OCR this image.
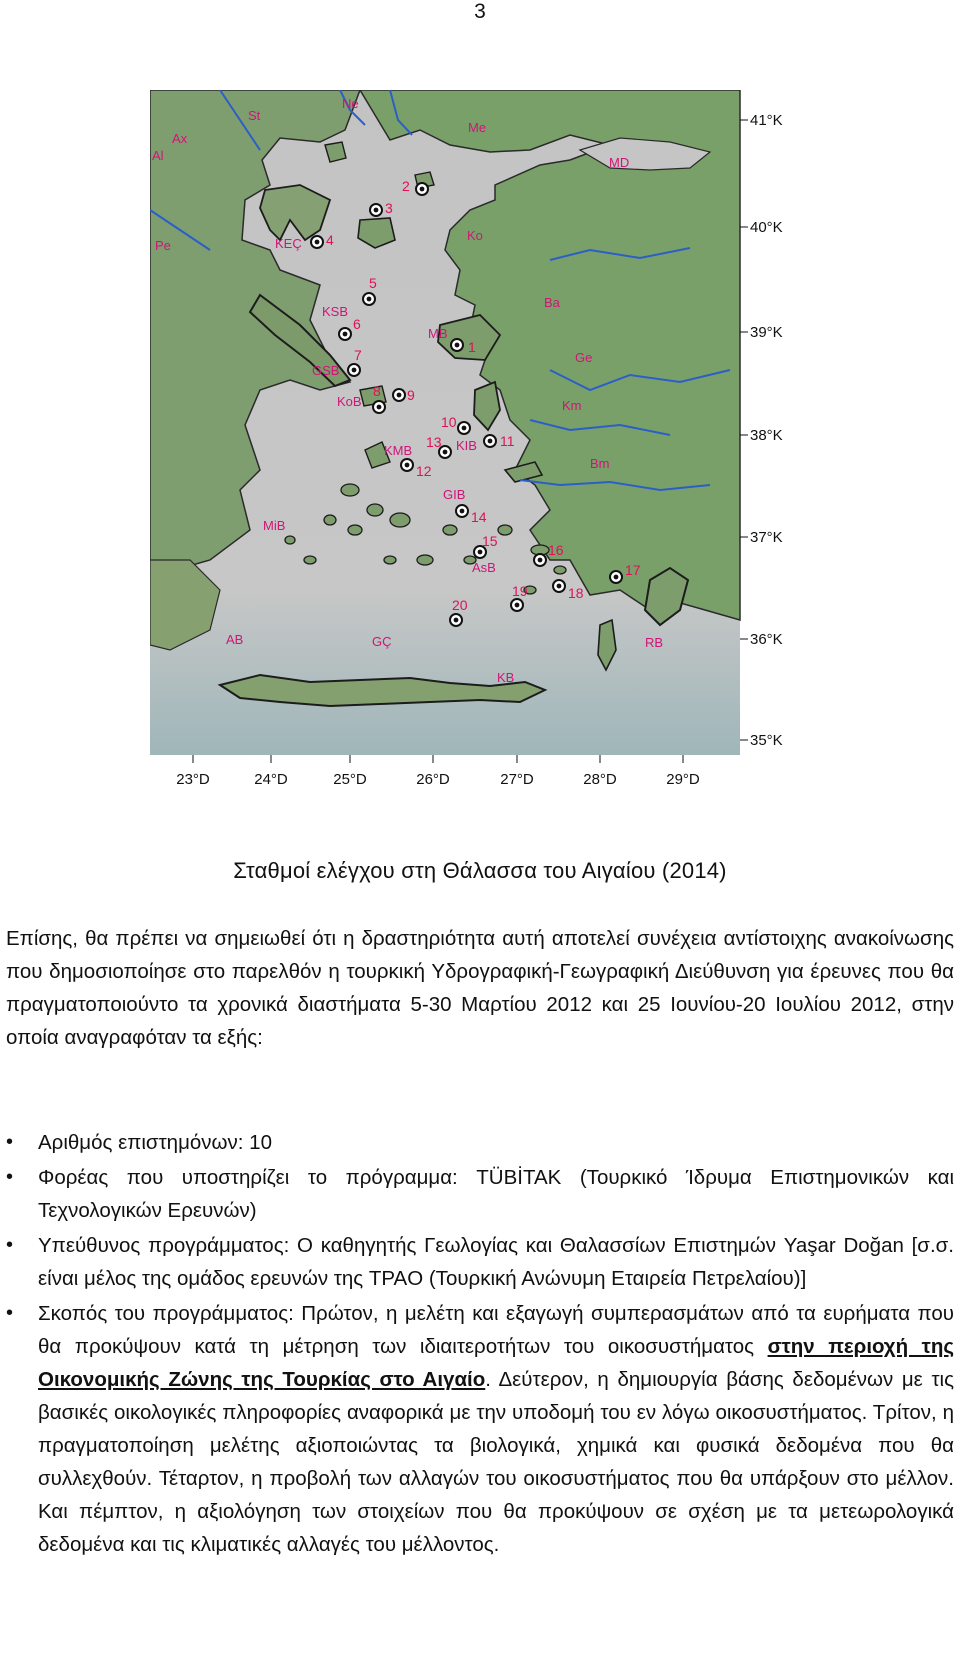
3
41°K
40°K
39°K
38°K
37°K
36°K
35°K
23°D	24°D	25°D	26°D	27°D	28°D	29°D
St
Ne
Me
Ax
Al	MD
Pe	KEÇ
Ko
KSB
Ba
MB
GSB
Ge
KoB	Km
KMB	KIB
Bm
GIB
MiB
AsB
AB	GÇ	RB
KB
1
2
3
4
5
6
7
8 9
10
11
12
13
14
15
16
17
18
19
20
Σταθμοί ελέγχου στη Θάλασσα του Αιγαίου (2014)

Επίσης, θα πρέπει να σημειωθεί ότι η δραστηριότητα αυτή αποτελεί συνέχεια αντίστοιχης ανακοίνωσης που δημοσιοποίησε στο παρελθόν η τουρκική Υδρογραφική-Γεωγραφική Διεύθυνση για έρευνες που θα πραγματοποιούντο τα χρονικά διαστήματα 5-30 Μαρτίου 2012 και 25 Ιουνίου-20 Ιουλίου 2012, στην οποία αναγραφόταν τα εξής:

• Αριθμός επιστημόνων: 10
• Φορέας που υποστηρίζει το πρόγραμμα: TÜBİTAK (Τουρκικό Ίδρυμα Επιστημονικών και Τεχνολογικών Ερευνών)
• Υπεύθυνος προγράμματος: Ο καθηγητής Γεωλογίας και Θαλασσίων Επιστημών Yaşar Doğan [σ.σ. είναι μέλος της ομάδος ερευνών της TPAO (Τουρκική Ανώνυμη Εταιρεία Πετρελαίου)]
• Σκοπός του προγράμματος: Πρώτον, η μελέτη και εξαγωγή συμπερασμάτων από τα ευρήματα που θα προκύψουν κατά τη μέτρηση των ιδιαιτεροτήτων του οικοσυστήματος στην περιοχή της Οικονομικής Ζώνης της Τουρκίας στο Αιγαίο. Δεύτερον, η δημιουργία βάσης δεδομένων με τις βασικές οικολογικές πληροφορίες αναφορικά με την υποδομή του εν λόγω οικοσυστήματος. Τρίτον, η πραγματοποίηση μελέτης αξιοποιώντας τα βιολογικά, χημικά και φυσικά δεδομένα που θα συλλεχθούν. Τέταρτον, η προβολή των αλλαγών του οικοσυστήματος που θα υπάρξουν στο μέλλον. Και πέμπτον, η αξιολόγηση των στοιχείων που θα προκύψουν σε σχέση με τα μετεωρολογικά δεδομένα και τις κλιματικές αλλαγές του μέλλοντος.
